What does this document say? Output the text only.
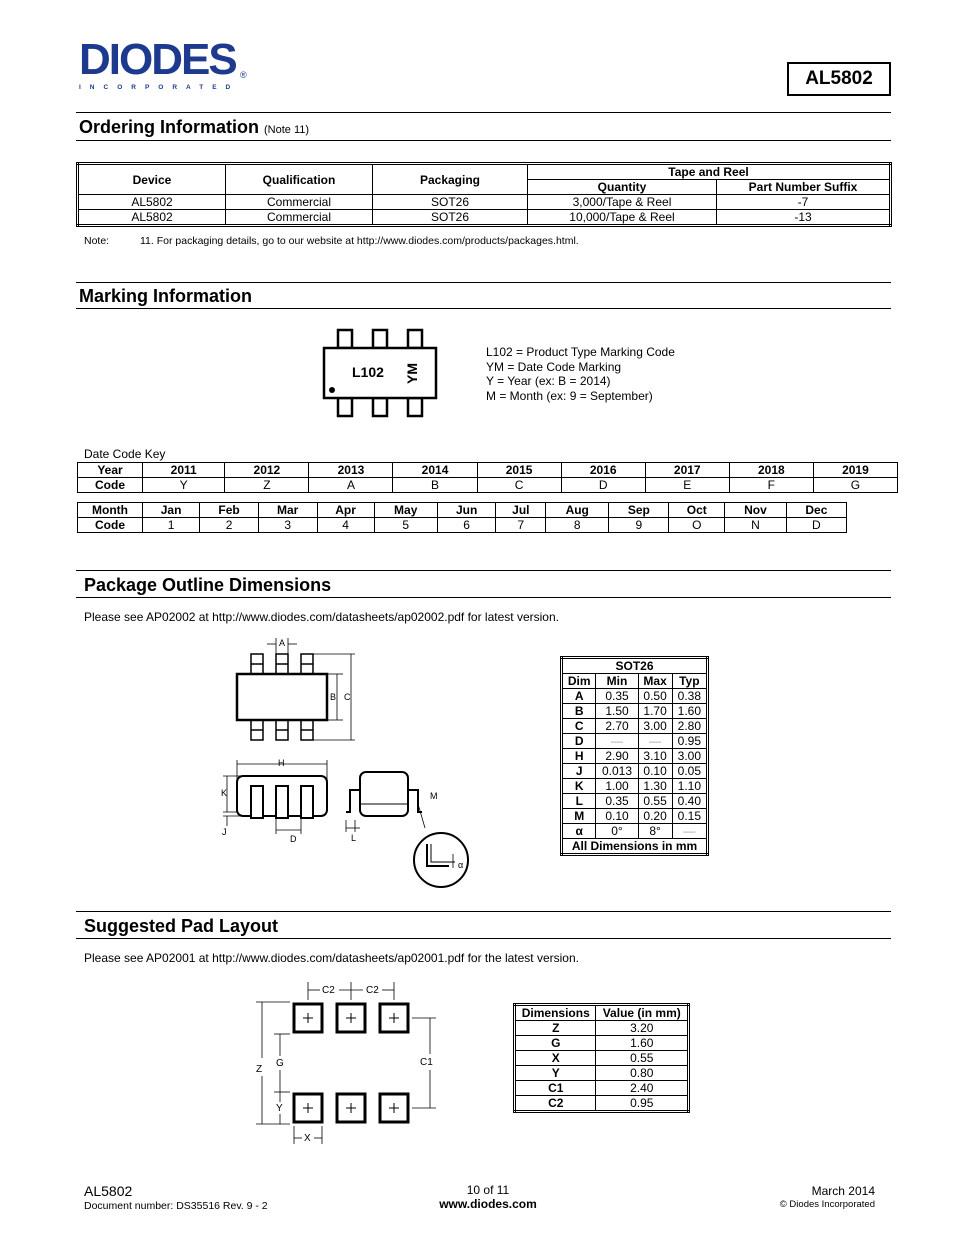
DIODES
INCORPORATED
®	AL5802
Ordering Information (Note 11)
Device	Qualification	Packaging	Tape and Reel	
			Quantity	Part Number Suffix
AL5802	Commercial	SOT26	3,000/Tape & Reel	-7
AL5802	Commercial	SOT26	10,000/Tape & Reel	-13
Note:	11. For packaging details, go to our website at http://www.diodes.com/products/packages.html.
Marking Information
L102 YM
L102 = Product Type Marking Code
YM = Date Code Marking
Y = Year (ex: B = 2014)
M = Month (ex: 9 = September)
Date Code Key
Year	2011	2012	2013	2014	2015	2016	2017	2018	2019
Code	Y	Z	A	B	C	D	E	F	G
Month	Jan	Feb	Mar	Apr	May	Jun	Jul	Aug	Sep	Oct	Nov	Dec
Code	1	2	3	4	5	6	7	8	9	O	N	D
Package Outline Dimensions
Please see AP02002 at http://www.diodes.com/datasheets/ap02002.pdf for latest version.
A
B C
H
K
J
D	L
M
α
SOT26			
Dim	Min	Max	Typ
A	0.35	0.50	0.38
B	1.50	1.70	1.60
C	2.70	3.00	2.80
D	—	—	0.95
H	2.90	3.10	3.00
J	0.013	0.10	0.05
K	1.00	1.30	1.10
L	0.35	0.55	0.40
M	0.10	0.20	0.15
α	0°	8°	—
All Dimensions in mm			
Suggested Pad Layout
Please see AP02001 at http://www.diodes.com/datasheets/ap02001.pdf for the latest version.
C2	C2
Z
G
Y
X
C1
Dimensions	Value (in mm)
Z	3.20
G	1.60
X	0.55
Y	0.80
C1	2.40
C2	0.95
AL5802
Document number: DS35516 Rev. 9 - 2
10 of 11
www.diodes.com
March 2014
© Diodes Incorporated
